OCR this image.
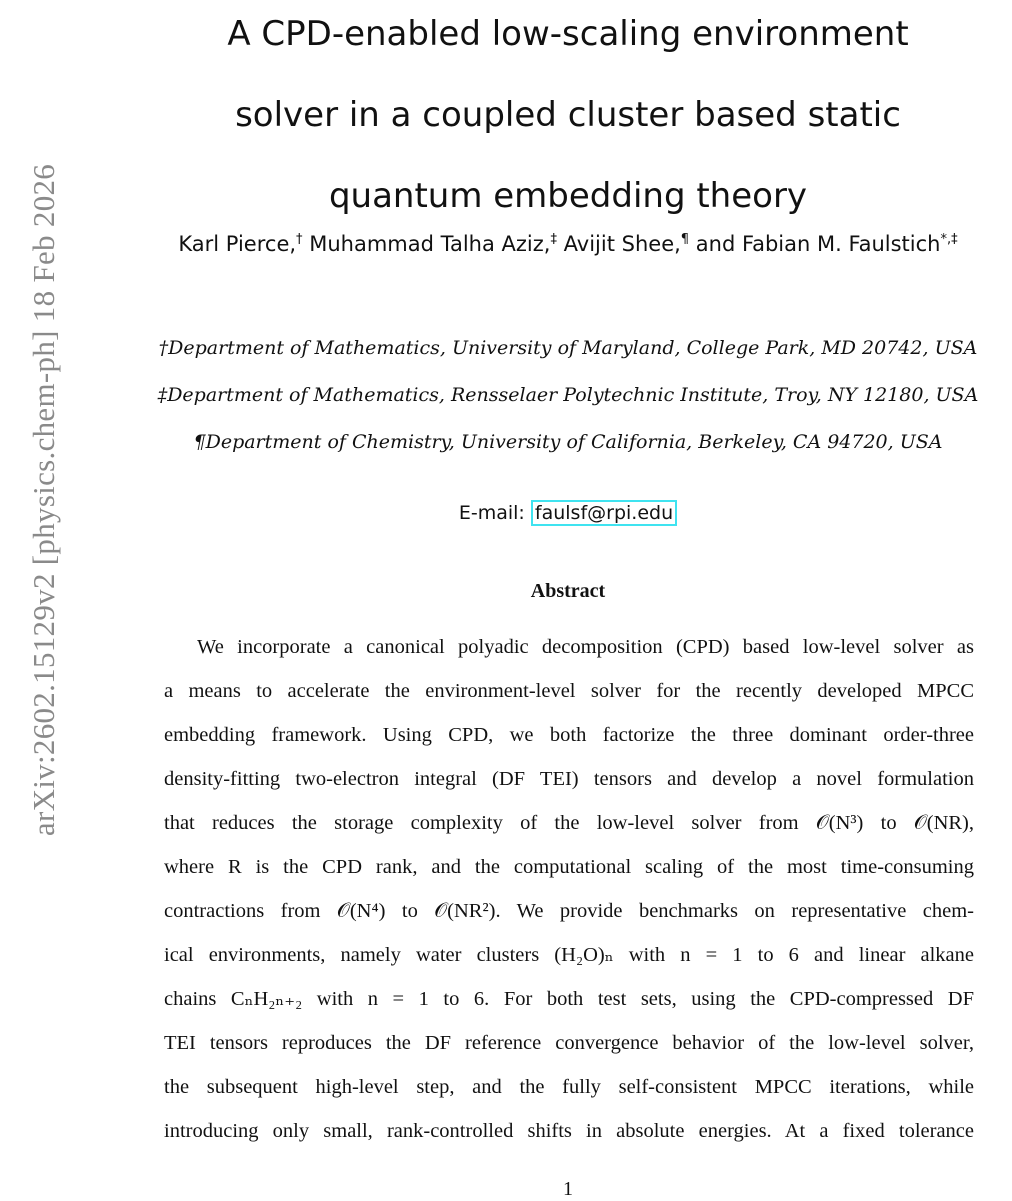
arXiv:2602.15129v2 [physics.chem-ph] 18 Feb 2026
A CPD-enabled low-scaling environment
solver in a coupled cluster based static
quantum embedding theory
Karl Pierce,† Muhammad Talha Aziz,‡ Avijit Shee,¶ and Fabian M. Faulstich*,‡
†Department of Mathematics, University of Maryland, College Park, MD 20742, USA
‡Department of Mathematics, Rensselaer Polytechnic Institute, Troy, NY 12180, USA
¶Department of Chemistry, University of California, Berkeley, CA 94720, USA
E-mail: faulsf@rpi.edu
Abstract
We incorporate a canonical polyadic decomposition (CPD) based low-level solver as
a means to accelerate the environment-level solver for the recently developed MPCC
embedding framework. Using CPD, we both factorize the three dominant order-three
density-fitting two-electron integral (DF TEI) tensors and develop a novel formulation
that reduces the storage complexity of the low-level solver from 𝒪(N³) to 𝒪(NR),
where R is the CPD rank, and the computational scaling of the most time-consuming
contractions from 𝒪(N⁴) to 𝒪(NR²). We provide benchmarks on representative chem-
ical environments, namely water clusters (H₂O)ₙ with n = 1 to 6 and linear alkane
chains CₙH₂ₙ₊₂ with n = 1 to 6. For both test sets, using the CPD-compressed DF
TEI tensors reproduces the DF reference convergence behavior of the low-level solver,
the subsequent high-level step, and the fully self-consistent MPCC iterations, while
introducing only small, rank-controlled shifts in absolute energies. At a fixed tolerance
1
